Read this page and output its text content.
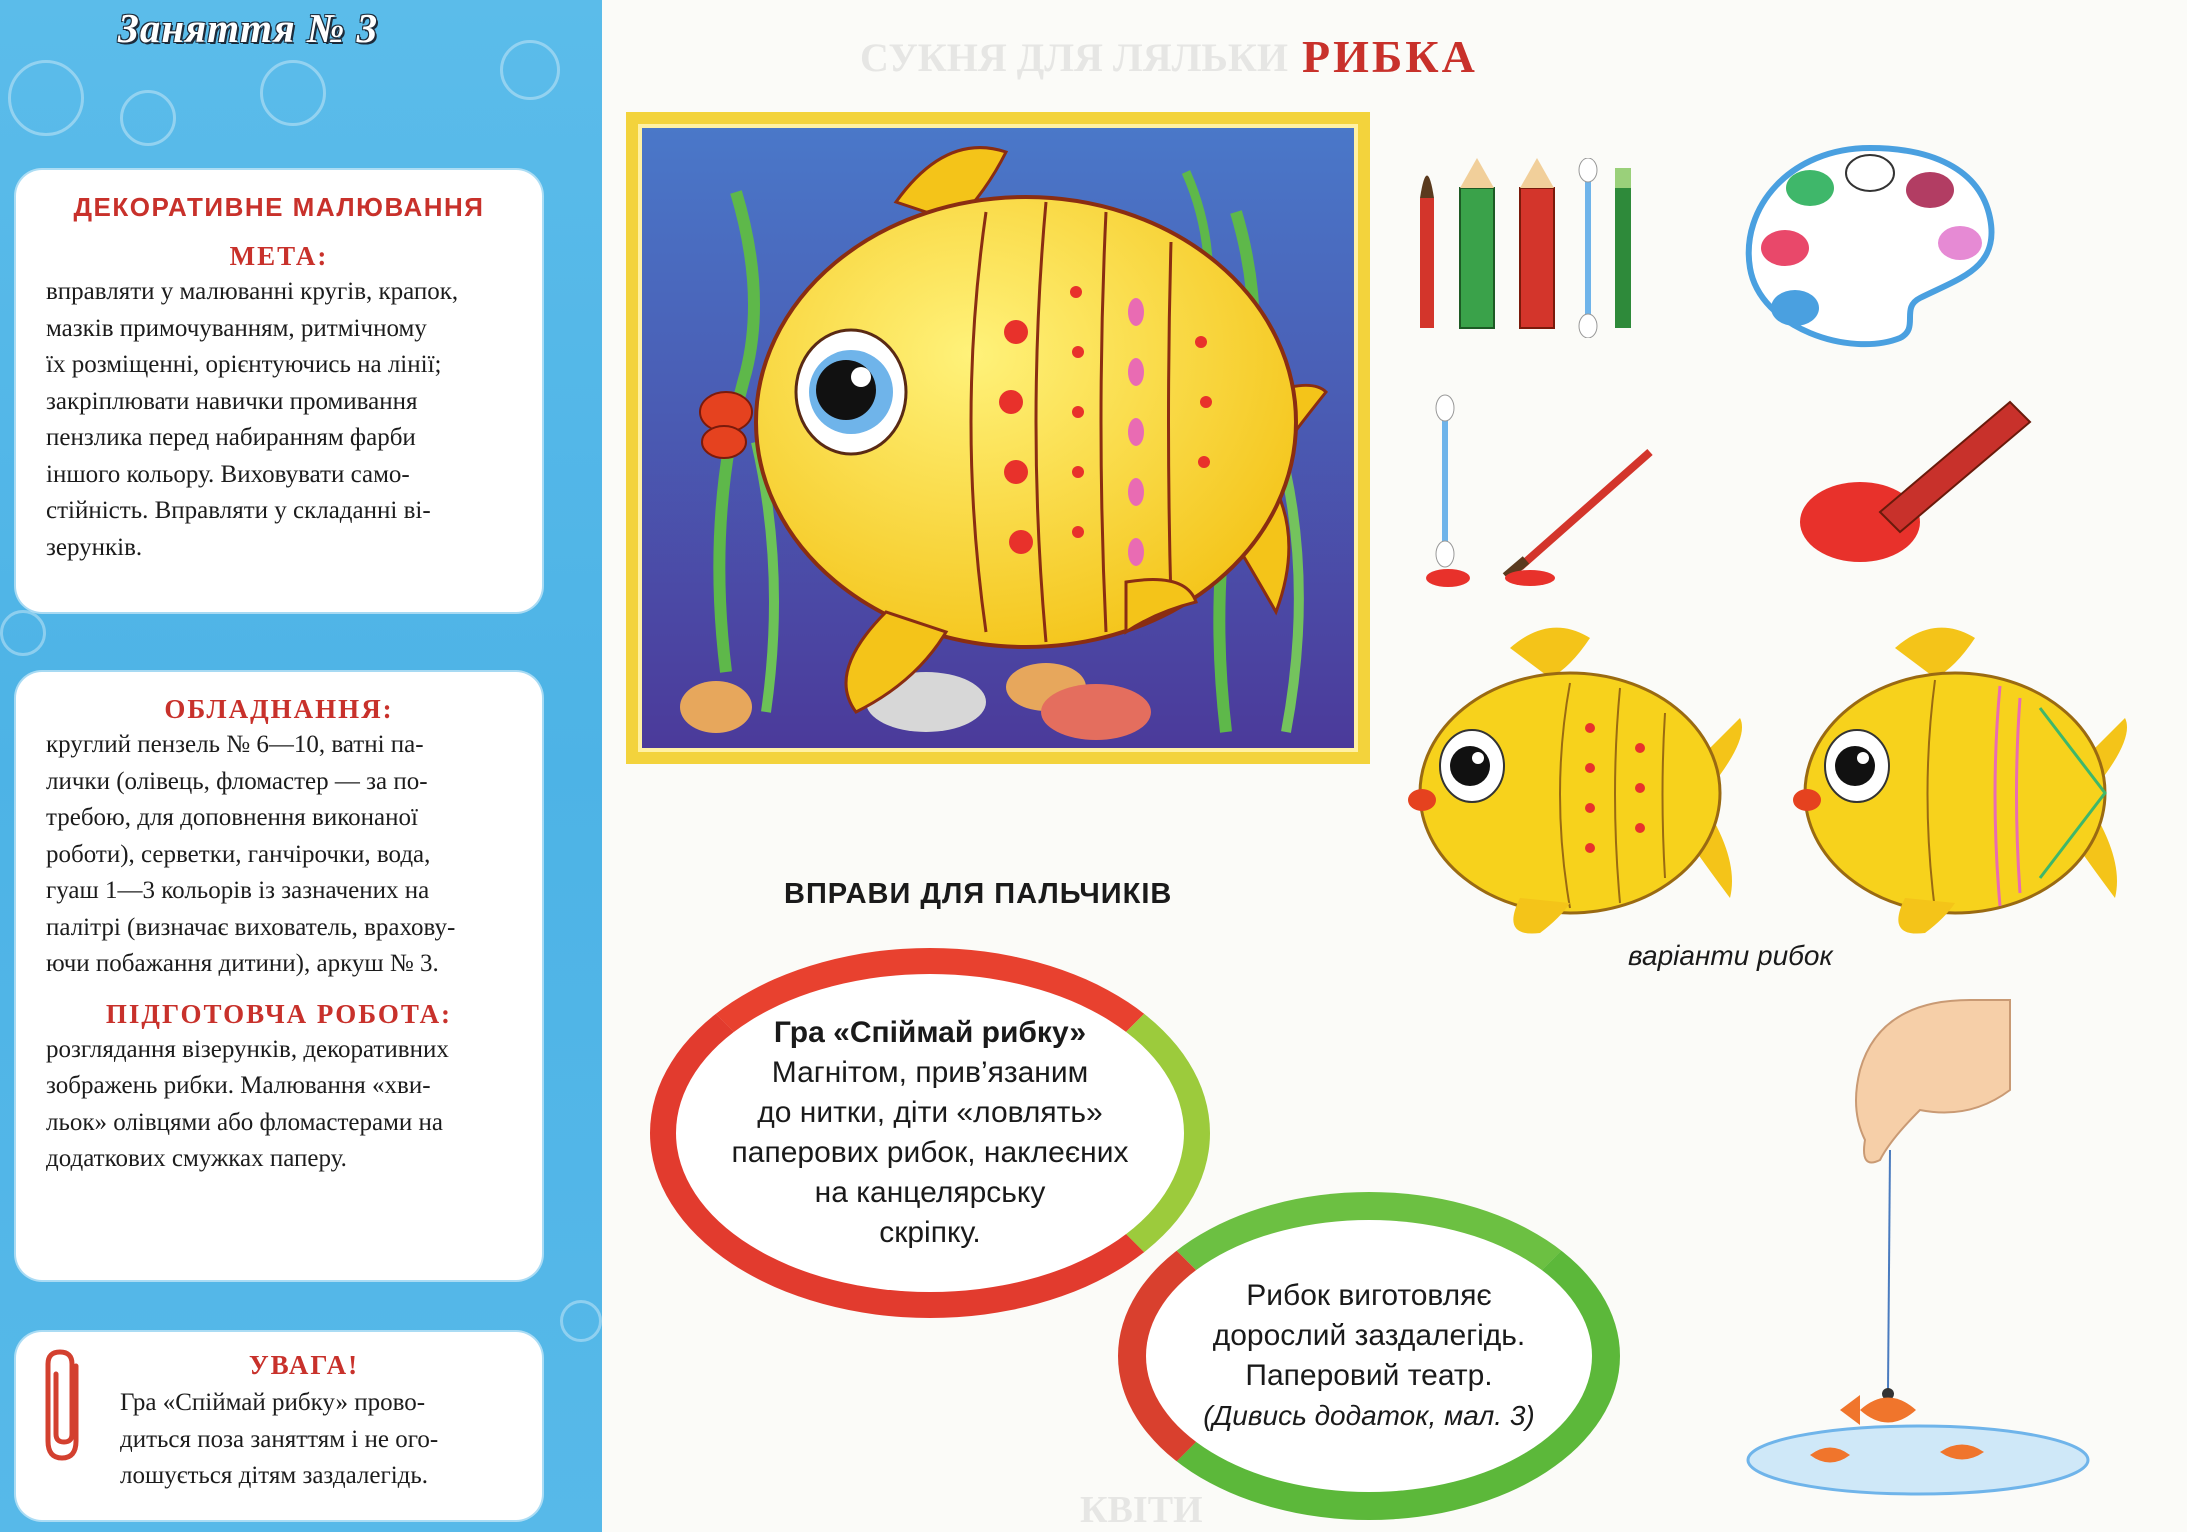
Заняття № 3
ДЕКОРАТИВНЕ МАЛЮВАННЯ
МЕТА:
вправляти у малюванні кругів, крапок,
мазків примочуванням, ритмічному
їх розміщенні, орієнтуючись на лінії;
закріплювати навички промивання
пензлика перед набиранням фарби
іншого кольору. Виховувати само-
стійність. Вправляти у складанні ві-
зерунків.
ОБЛАДНАННЯ:
круглий пензель № 6—10, ватні па-
лички (олівець, фломастер — за по-
требою, для доповнення виконаної
роботи), серветки, ганчірочки, вода,
гуаш 1—3 кольорів із зазначених на
палітрі (визначає вихователь, врахову-
ючи побажання дитини), аркуш № 3.
ПІДГОТОВЧА РОБОТА:
розглядання візерунків, декоративних
зображень рибки. Малювання «хви-
льок» олівцями або фломастерами на
додаткових смужках паперу.
УВАГА!
Гра «Спіймай рибку» прово-
диться поза заняттям і не ого-
лошується дітям заздалегідь.
СУКНЯ ДЛЯ ЛЯЛЬКИ
КВІТИ
РИБКА
варіанти рибок
ВПРАВИ ДЛЯ ПАЛЬЧИКІВ
Гра «Спіймай рибку»
Магнітом, прив’язаним
до нитки, діти «ловлять»
паперових рибок, наклеєних
на канцелярську
скріпку.
Рибок виготовляє
дорослий заздалегідь.
Паперовий театр.
(Дивись додаток, мал. 3)
